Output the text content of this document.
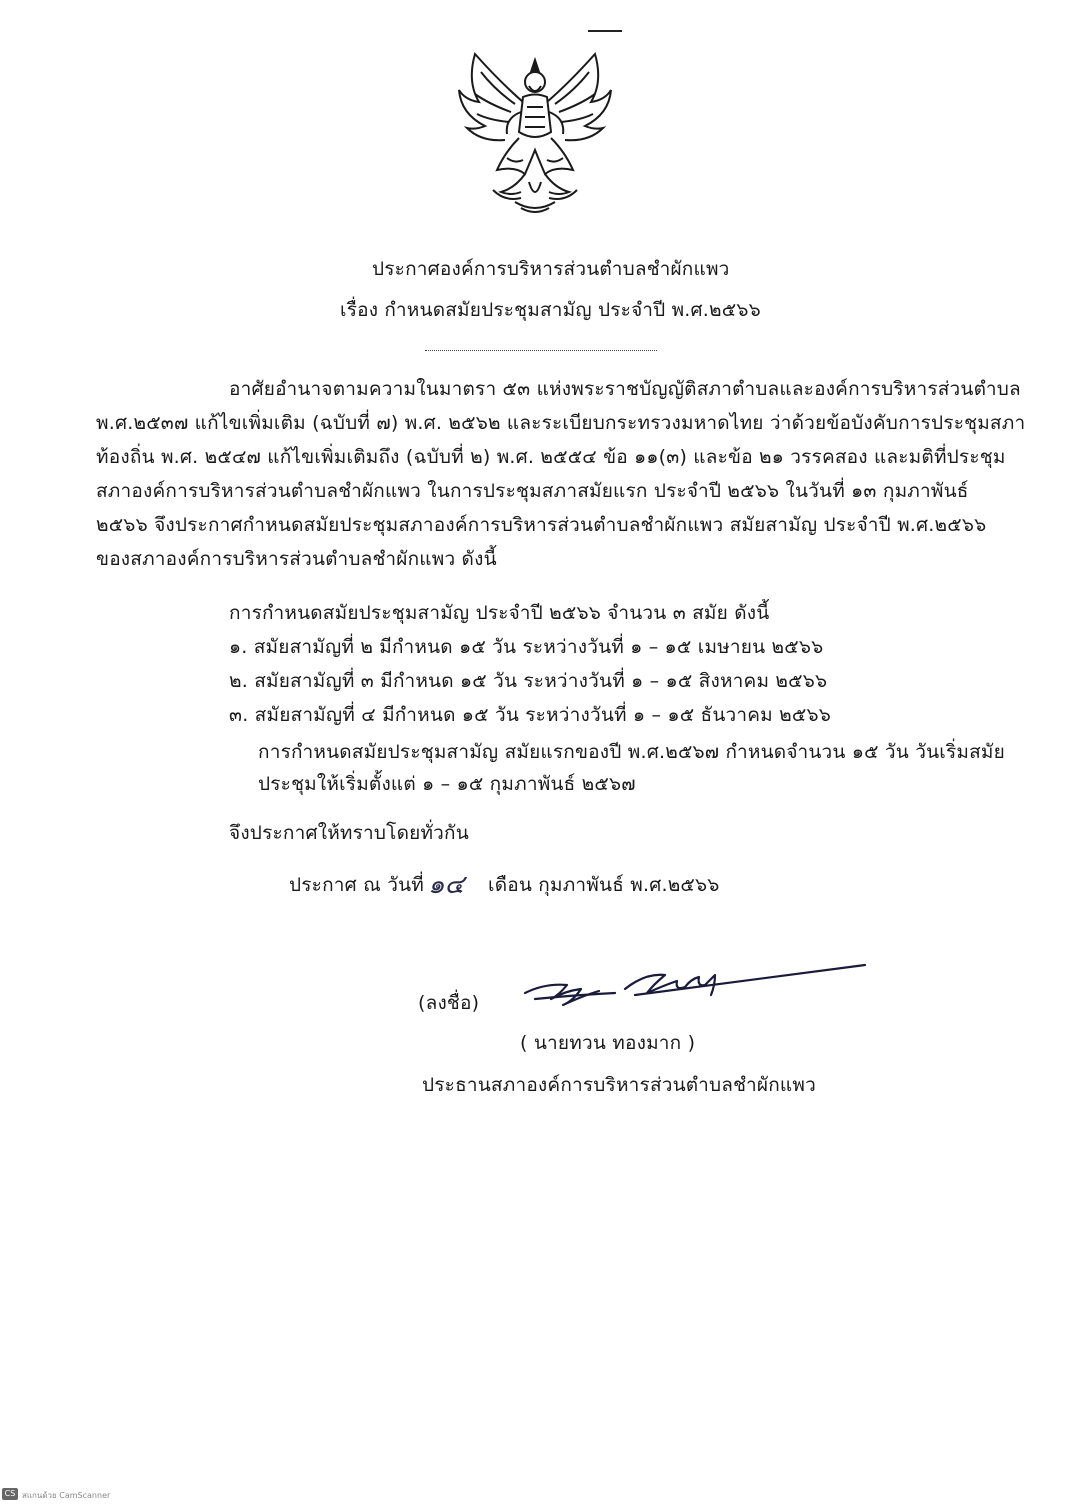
ประกาศองค์การบริหารส่วนตำบลชำผักแพว
เรื่อง กำหนดสมัยประชุมสามัญ ประจำปี พ.ศ.๒๕๖๖
อาศัยอำนาจตามความในมาตรา ๕๓ แห่งพระราชบัญญัติสภาตำบลและองค์การบริหารส่วนตำบล
พ.ศ.๒๕๓๗ แก้ไขเพิ่มเติม (ฉบับที่ ๗) พ.ศ. ๒๕๖๒ และระเบียบกระทรวงมหาดไทย ว่าด้วยข้อบังคับการประชุมสภา
ท้องถิ่น พ.ศ. ๒๕๔๗ แก้ไขเพิ่มเติมถึง (ฉบับที่ ๒) พ.ศ. ๒๕๕๔ ข้อ ๑๑(๓) และข้อ ๒๑ วรรคสอง และมติที่ประชุม
สภาองค์การบริหารส่วนตำบลชำผักแพว ในการประชุมสภาสมัยแรก ประจำปี ๒๕๖๖ ในวันที่ ๑๓ กุมภาพันธ์
๒๕๖๖ จึงประกาศกำหนดสมัยประชุมสภาองค์การบริหารส่วนตำบลชำผักแพว สมัยสามัญ ประจำปี พ.ศ.๒๕๖๖
ของสภาองค์การบริหารส่วนตำบลชำผักแพว ดังนี้
การกำหนดสมัยประชุมสามัญ ประจำปี ๒๕๖๖ จำนวน ๓ สมัย ดังนี้
๑. สมัยสามัญที่ ๒ มีกำหนด ๑๕ วัน ระหว่างวันที่ ๑ – ๑๕ เมษายน ๒๕๖๖
๒. สมัยสามัญที่ ๓ มีกำหนด ๑๕ วัน ระหว่างวันที่ ๑ – ๑๕ สิงหาคม ๒๕๖๖
๓. สมัยสามัญที่ ๔ มีกำหนด ๑๕ วัน ระหว่างวันที่ ๑ – ๑๕ ธันวาคม ๒๕๖๖
การกำหนดสมัยประชุมสามัญ สมัยแรกของปี พ.ศ.๒๕๖๗ กำหนดจำนวน ๑๕ วัน วันเริ่มสมัย
ประชุมให้เริ่มตั้งแต่ ๑ – ๑๕ กุมภาพันธ์ ๒๕๖๗
จึงประกาศให้ทราบโดยทั่วกัน
ประกาศ ณ วันที่ ๑๔ เดือน กุมภาพันธ์ พ.ศ.๒๕๖๖
(ลงชื่อ)
( นายทวน ทองมาก )
ประธานสภาองค์การบริหารส่วนตำบลชำผักแพว
CS สแกนด้วย CamScanner
